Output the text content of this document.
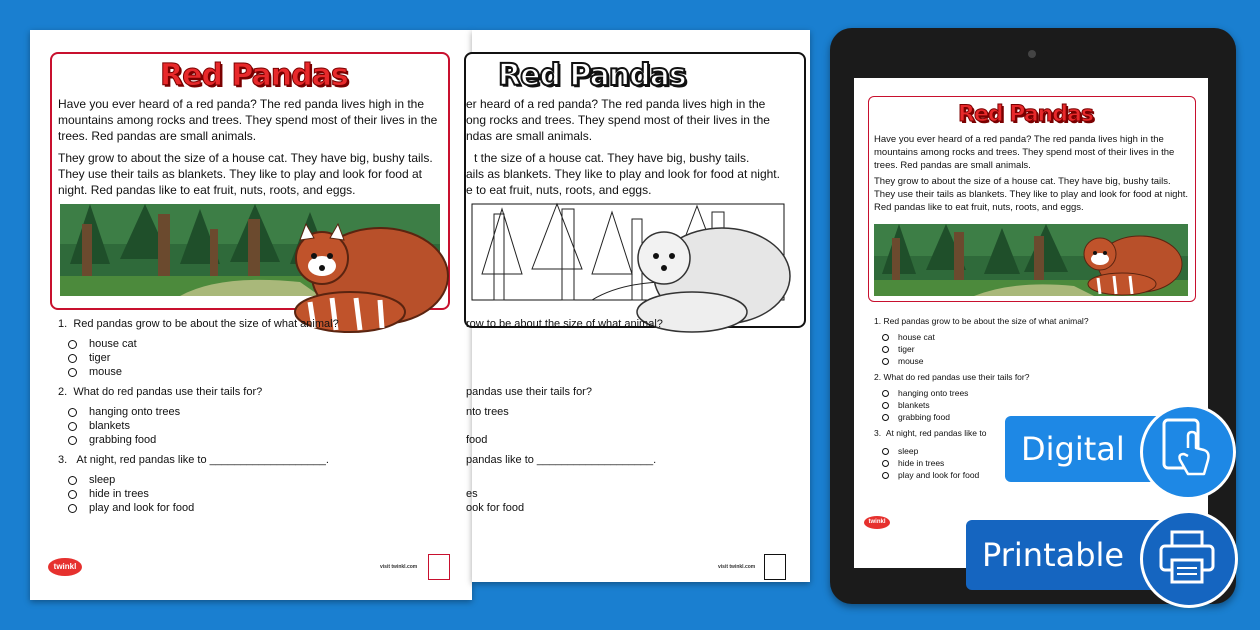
Red Pandas
Have you ever heard of a red panda? The red panda lives high in the mountains among rocks and trees. They spend most of their lives in the trees. Red pandas are small animals.
They grow to about the size of a house cat. They have big, bushy tails. They use their tails as blankets. They like to play and look for food at night. Red pandas like to eat fruit, nuts, roots, and eggs.
1. Red pandas grow to be about the size of what animal?
house cat
tiger
mouse
2. What do red pandas use their tails for?
hanging onto trees
blankets
grabbing food
3. At night, red pandas like to ___________________.
sleep
hide in trees
play and look for food
twinkl	visit twinkl.com
Red Pandas
er heard of a red panda? The red panda lives high in the
ong rocks and trees. They spend most of their lives in the
ndas are small animals.
t the size of a house cat. They have big, bushy tails.
ails as blankets. They like to play and look for food at night.
e to eat fruit, nuts, roots, and eggs.
row to be about the size of what animal?
pandas use their tails for?
nto trees
food
pandas like to ___________________.
es
ook for food
visit twinkl.com
Red Pandas
Have you ever heard of a red panda? The red panda lives high in the mountains among rocks and trees. They spend most of their lives in the trees. Red pandas are small animals.
They grow to about the size of a house cat. They have big, bushy tails. They use their tails as blankets. They like to play and look for food at night. Red pandas like to eat fruit, nuts, roots, and eggs.
1. Red pandas grow to be about the size of what animal?
house cat
tiger
mouse
2. What do red pandas use their tails for?
hanging onto trees
blankets
grabbing food
3. At night, red pandas like to
sleep
hide in trees
play and look for food
twinkl
Digital
Printable
